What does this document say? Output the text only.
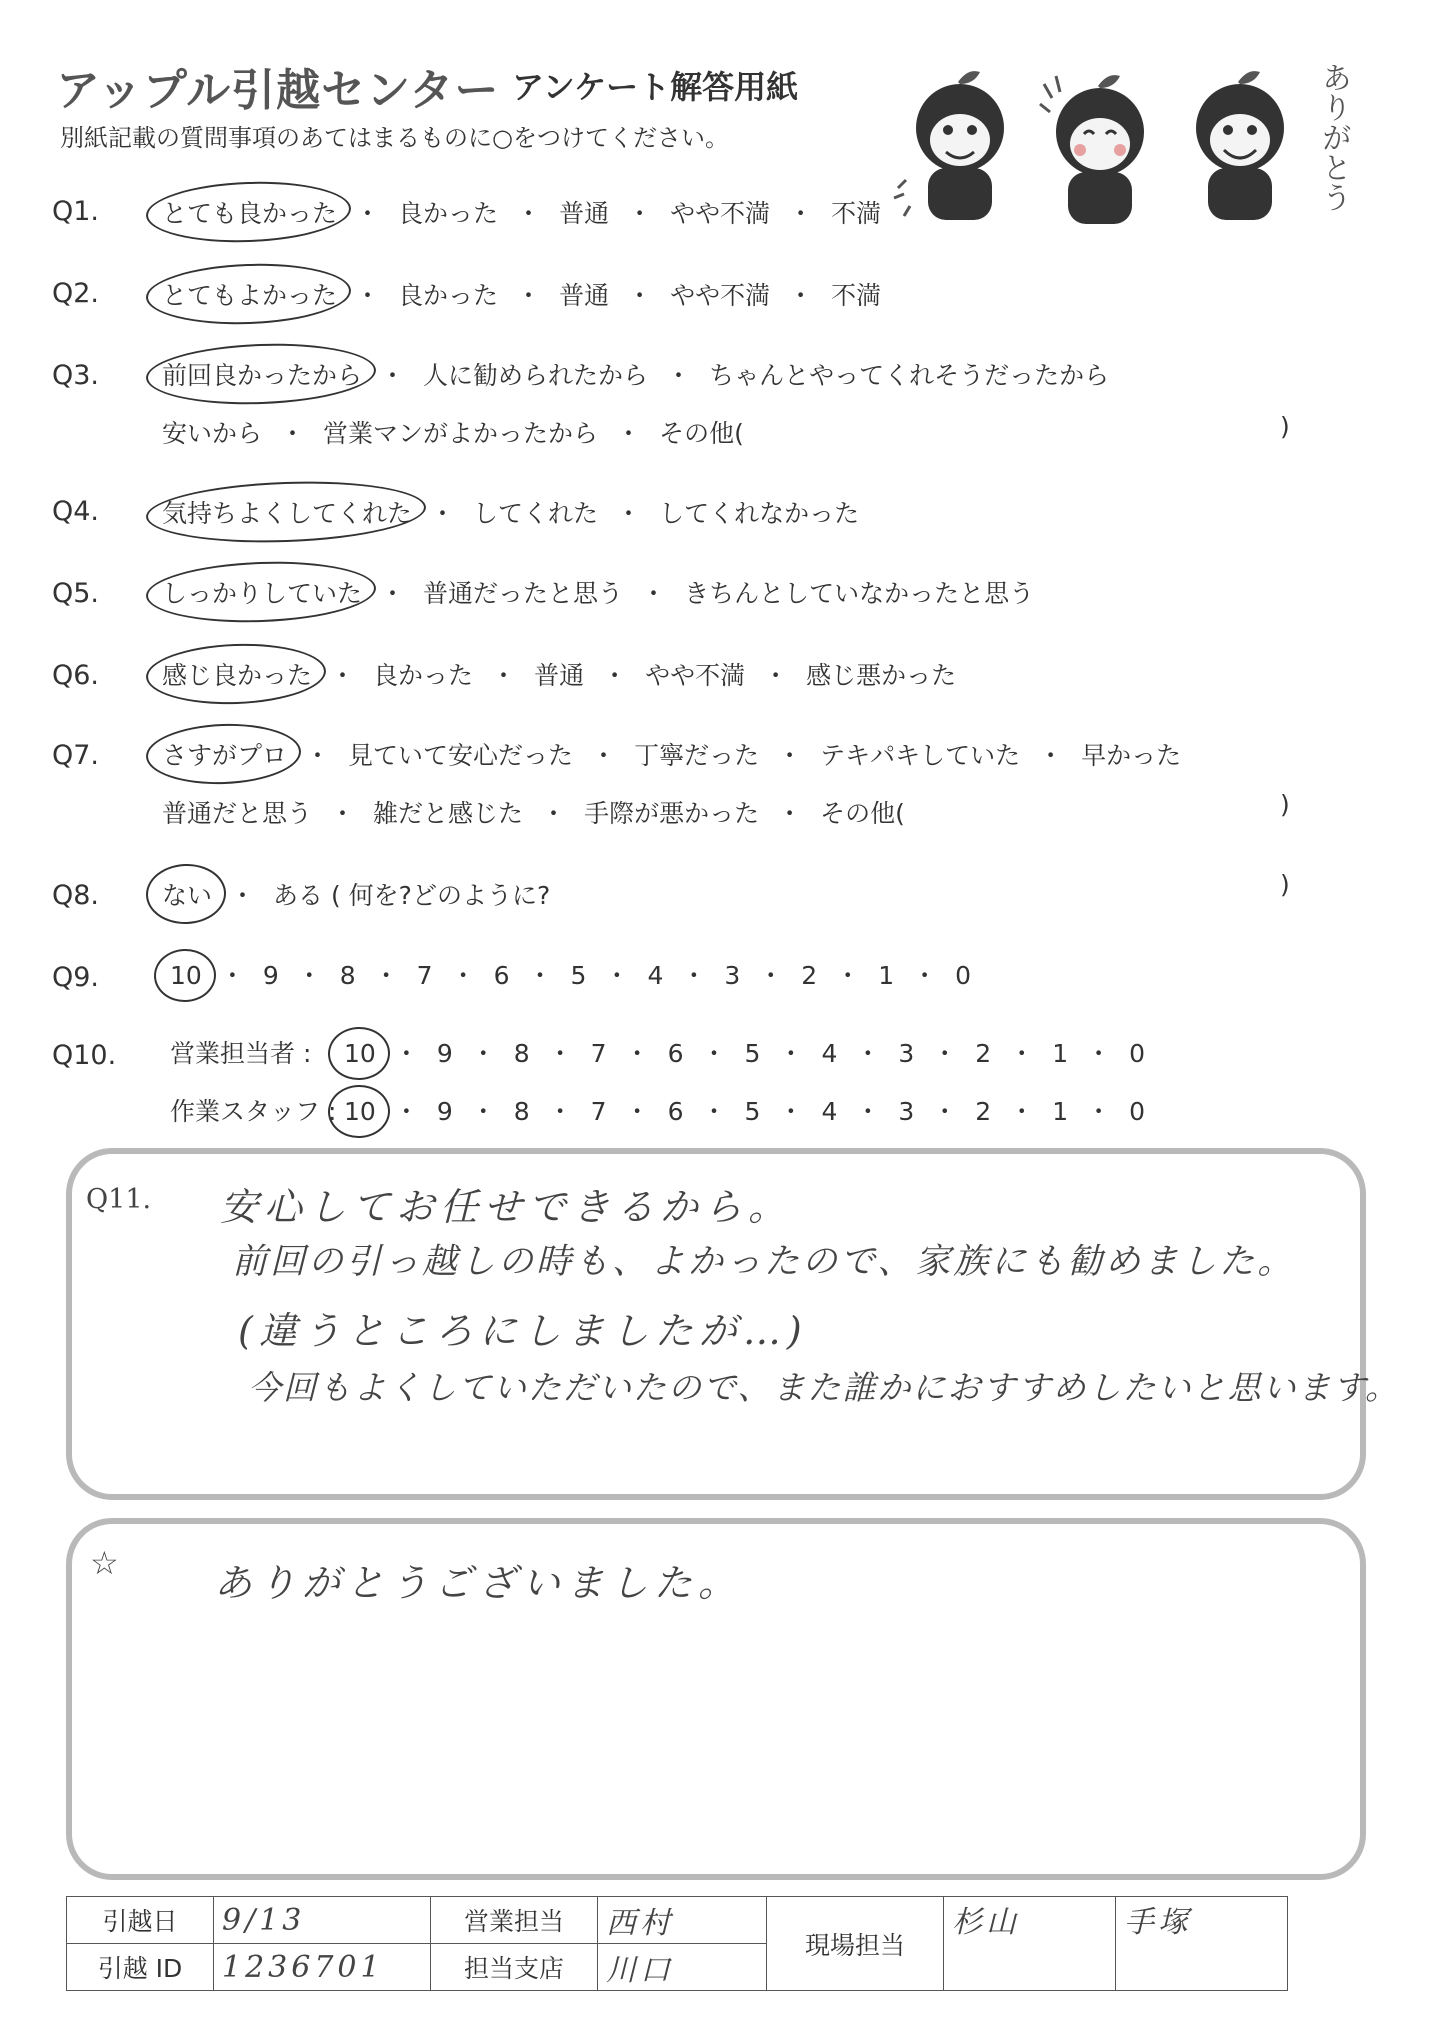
アップル引越センター アンケート解答用紙
別紙記載の質問事項のあてはまるものに○をつけてください。	ありがとう
Q1.	とても良かった ・ 良かった ・ 普通 ・ やや不満 ・ 不満
Q2.	とてもよかった ・ 良かった ・ 普通 ・ やや不満 ・ 不満
Q3.	前回良かったから ・ 人に勧められたから ・ ちゃんとやってくれそうだったから
安いから ・ 営業マンがよかったから ・ その他(	)
Q4.	気持ちよくしてくれた ・ してくれた ・ してくれなかった
Q5.	しっかりしていた ・ 普通だったと思う ・ きちんとしていなかったと思う
Q6.	感じ良かった ・ 良かった ・ 普通 ・ やや不満 ・ 感じ悪かった
Q7.	さすがプロ ・ 見ていて安心だった ・ 丁寧だった ・ テキパキしていた ・ 早かった
普通だと思う ・ 雑だと感じた ・ 手際が悪かった ・ その他(	)
Q8.	ない ・ ある ( 何を?どのように?	)
Q9.	10 ・ 9 ・ 8 ・ 7 ・ 6 ・ 5 ・ 4 ・ 3 ・ 2 ・ 1 ・ 0
Q10. 営業担当者 : 10 ・ 9 ・ 8 ・ 7 ・ 6 ・ 5 ・ 4 ・ 3 ・ 2 ・ 1 ・ 0
作業スタッフ : 10 ・ 9 ・ 8 ・ 7 ・ 6 ・ 5 ・ 4 ・ 3 ・ 2 ・ 1 ・ 0
Q11. 安心してお任せできるから。
前回の引っ越しの時も、よかったので、家族にも勧めました。
(違うところにしましたが…)
今回もよくしていただいたので、また誰かにおすすめしたいと思います。
☆	ありがとうございました。
引越日	9/13	営業担当	西村	現場担当	杉山	手塚
引越 ID	1236701	担当支店	川口			
